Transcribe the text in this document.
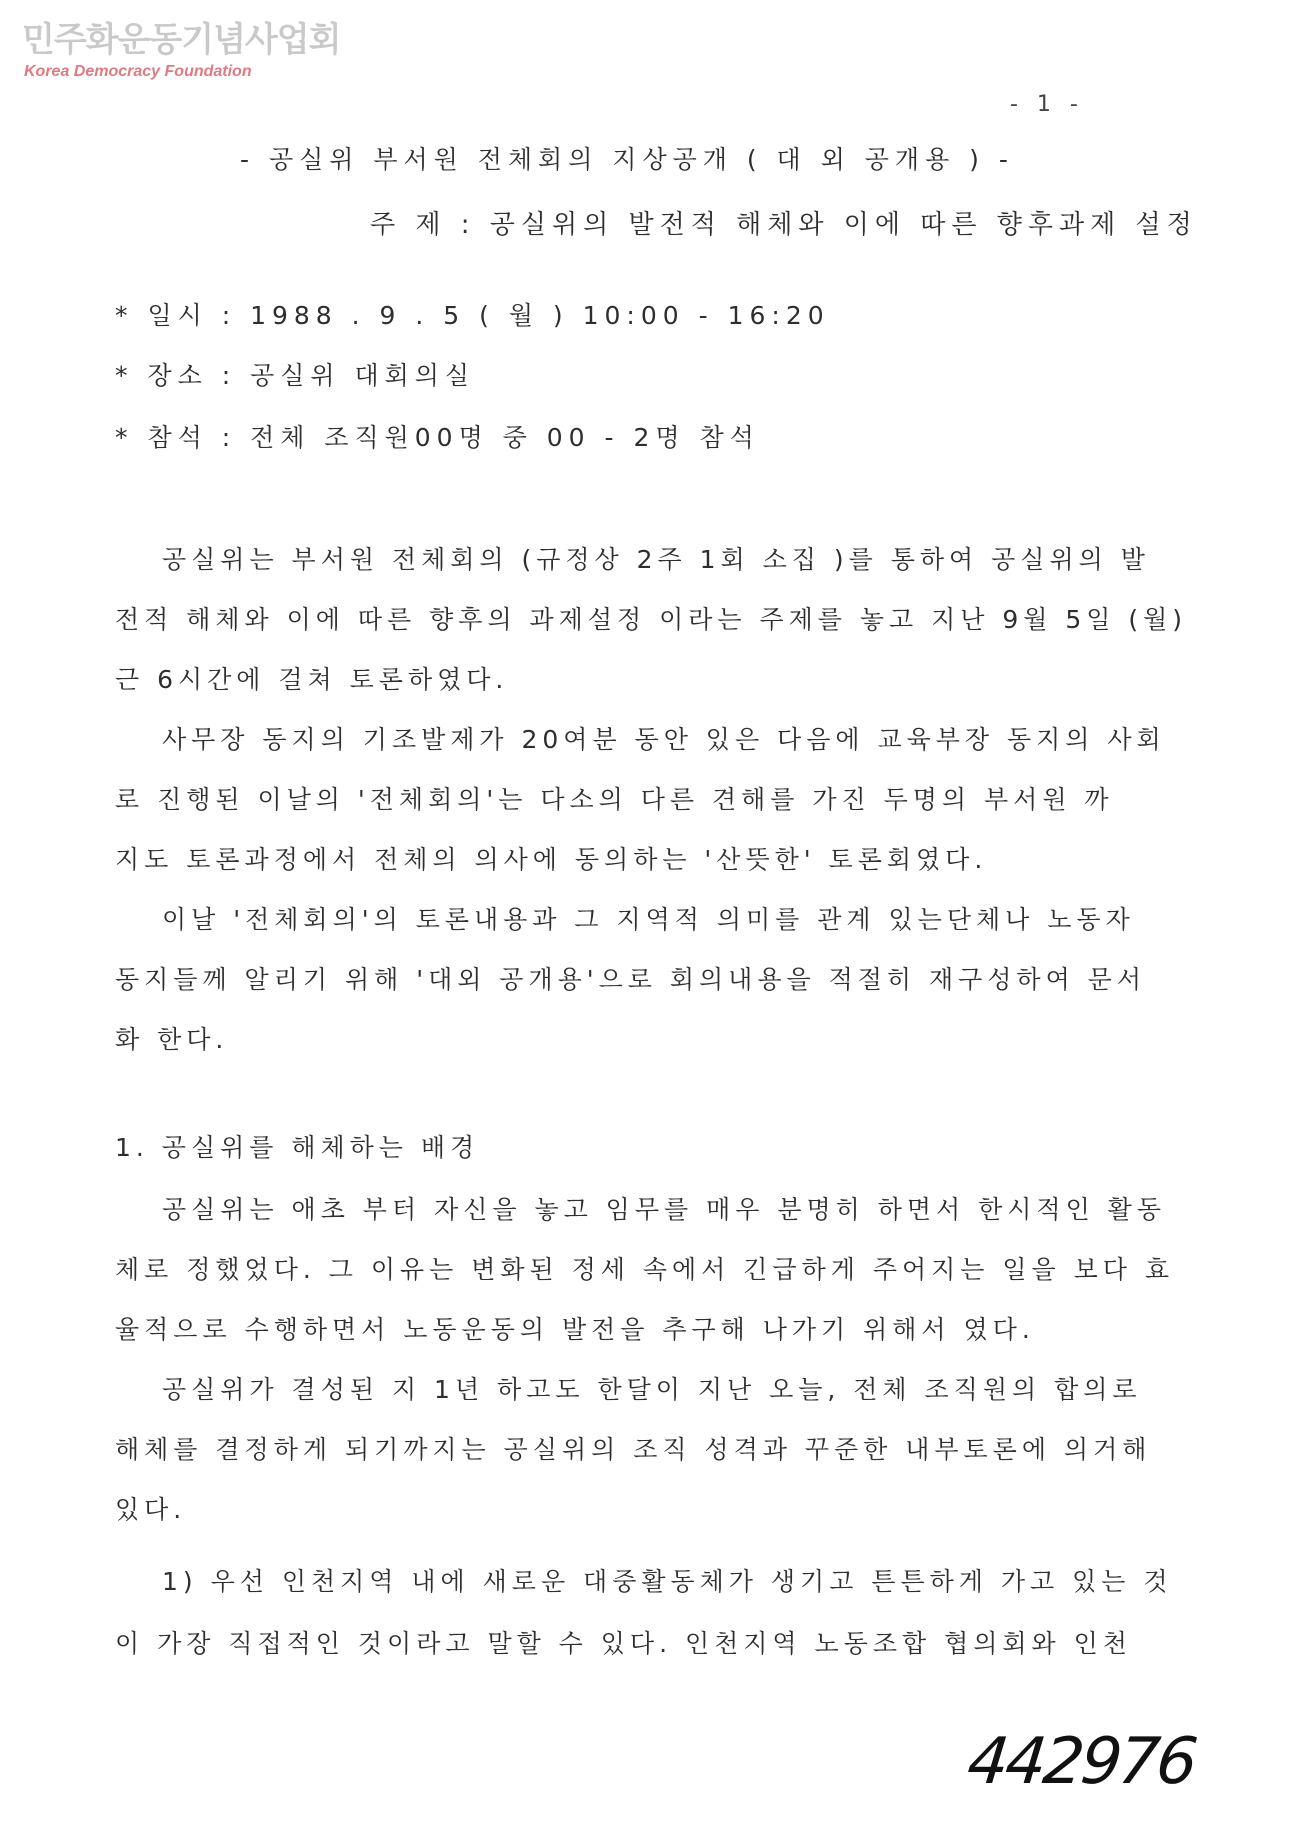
민주화운동기념사업회
Korea Democracy Foundation
- 1 -
- 공실위 부서원 전체회의 지상공개 ( 대 외 공개용 ) -
주 제 : 공실위의 발전적 해체와 이에 따른 향후과제 설정
* 일시 : 1988 . 9 . 5 ( 월 ) 10:00 - 16:20
* 장소 : 공실위 대회의실
* 참석 : 전체 조직원00명 중 00 - 2명 참석
공실위는 부서원 전체회의 (규정상 2주 1회 소집 )를 통하여 공실위의 발
전적 해체와 이에 따른 향후의 과제설정 이라는 주제를 놓고 지난 9월 5일 (월)
근 6시간에 걸쳐 토론하였다.
사무장 동지의 기조발제가 20여분 동안 있은 다음에 교육부장 동지의 사회
로 진행된 이날의 '전체회의'는 다소의 다른 견해를 가진 두명의 부서원 까
지도 토론과정에서 전체의 의사에 동의하는 '산뜻한' 토론회였다.
이날 '전체회의'의 토론내용과 그 지역적 의미를 관계 있는단체나 노동자
동지들께 알리기 위해 '대외 공개용'으로 회의내용을 적절히 재구성하여 문서
화 한다.
1. 공실위를 해체하는 배경
공실위는 애초 부터 자신을 놓고 임무를 매우 분명히 하면서 한시적인 활동
체로 정했었다. 그 이유는 변화된 정세 속에서 긴급하게 주어지는 일을 보다 효
율적으로 수행하면서 노동운동의 발전을 추구해 나가기 위해서 였다.
공실위가 결성된 지 1년 하고도 한달이 지난 오늘, 전체 조직원의 합의로
해체를 결정하게 되기까지는 공실위의 조직 성격과 꾸준한 내부토론에 의거해
있다.
1) 우선 인천지역 내에 새로운 대중활동체가 생기고 튼튼하게 가고 있는 것
이 가장 직접적인 것이라고 말할 수 있다. 인천지역 노동조합 협의회와 인천
442976
